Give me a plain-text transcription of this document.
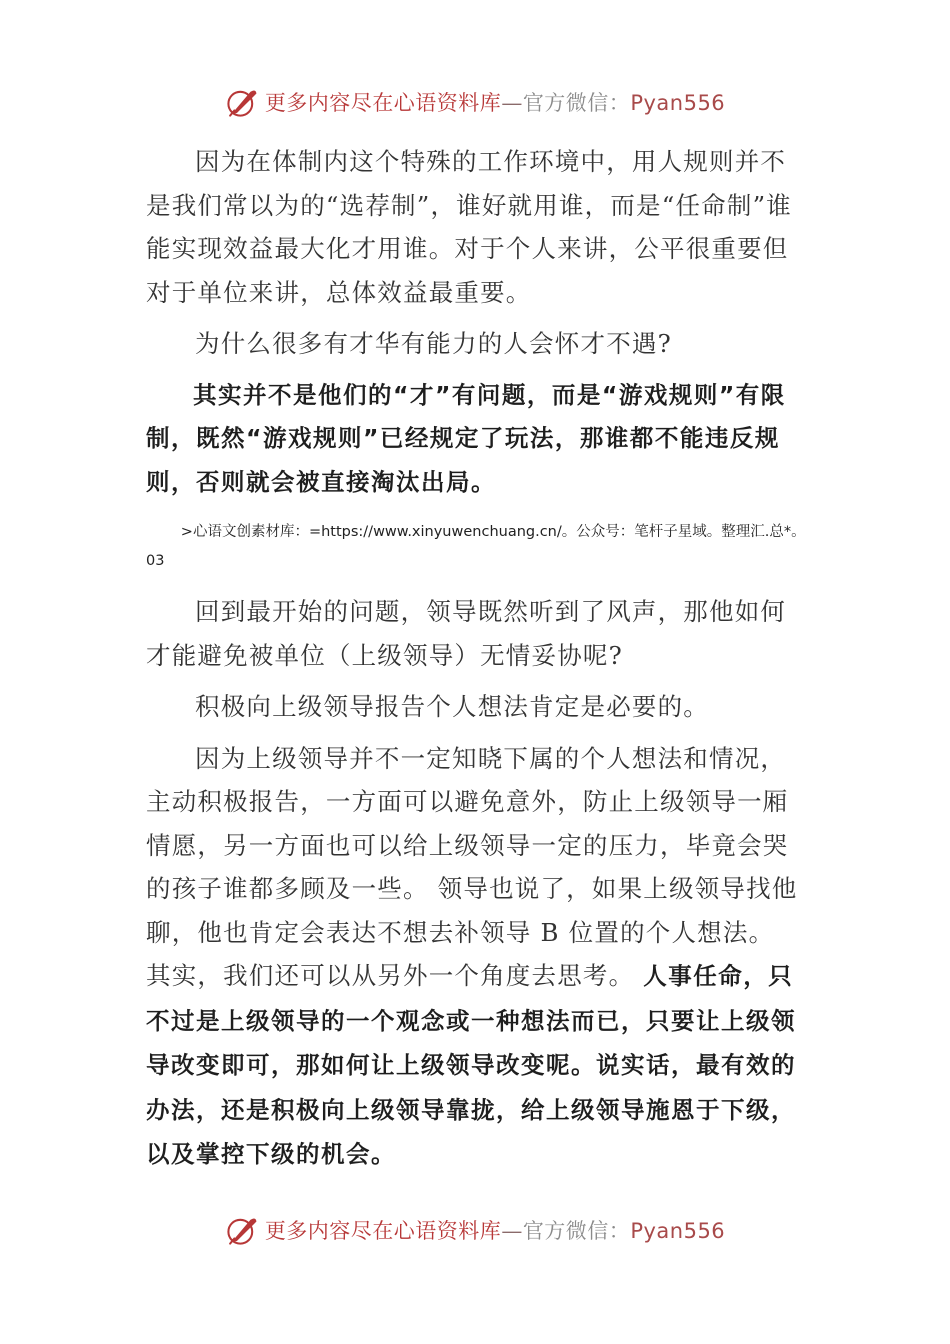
更多内容尽在心语资料库—官方微信：Pyan556

因为在体制内这个特殊的工作环境中，用人规则并不是我们常以为的“选荐制”，谁好就用谁，而是“任命制”谁能实现效益最大化才用谁。对于个人来讲，公平很重要但对于单位来讲，总体效益最重要。

为什么很多有才华有能力的人会怀才不遇?

其实并不是他们的“才”有问题，而是“游戏规则”有限制，既然“游戏规则”已经规定了玩法，那谁都不能违反规则，否则就会被直接淘汰出局。

>心语文创素材库：=https://www.xinyuwenchuang.cn/。公众号：笔杆子星域。整理汇.总*。03

回到最开始的问题，领导既然听到了风声，那他如何才能避免被单位（上级领导）无情妥协呢?

积极向上级领导报告个人想法肯定是必要的。

因为上级领导并不一定知晓下属的个人想法和情况，主动积极报告，一方面可以避免意外，防止上级领导一厢情愿，另一方面也可以给上级领导一定的压力，毕竟会哭的孩子谁都多顾及一些。 领导也说了，如果上级领导找他聊，他也肯定会表达不想去补领导 B 位置的个人想法。 其实，我们还可以从另外一个角度去思考。 人事任命，只不过是上级领导的一个观念或一种想法而已，只要让上级领导改变即可，那如何让上级领导改变呢。说实话，最有效的办法，还是积极向上级领导靠拢，给上级领导施恩于下级，以及掌控下级的机会。

更多内容尽在心语资料库—官方微信：Pyan556
